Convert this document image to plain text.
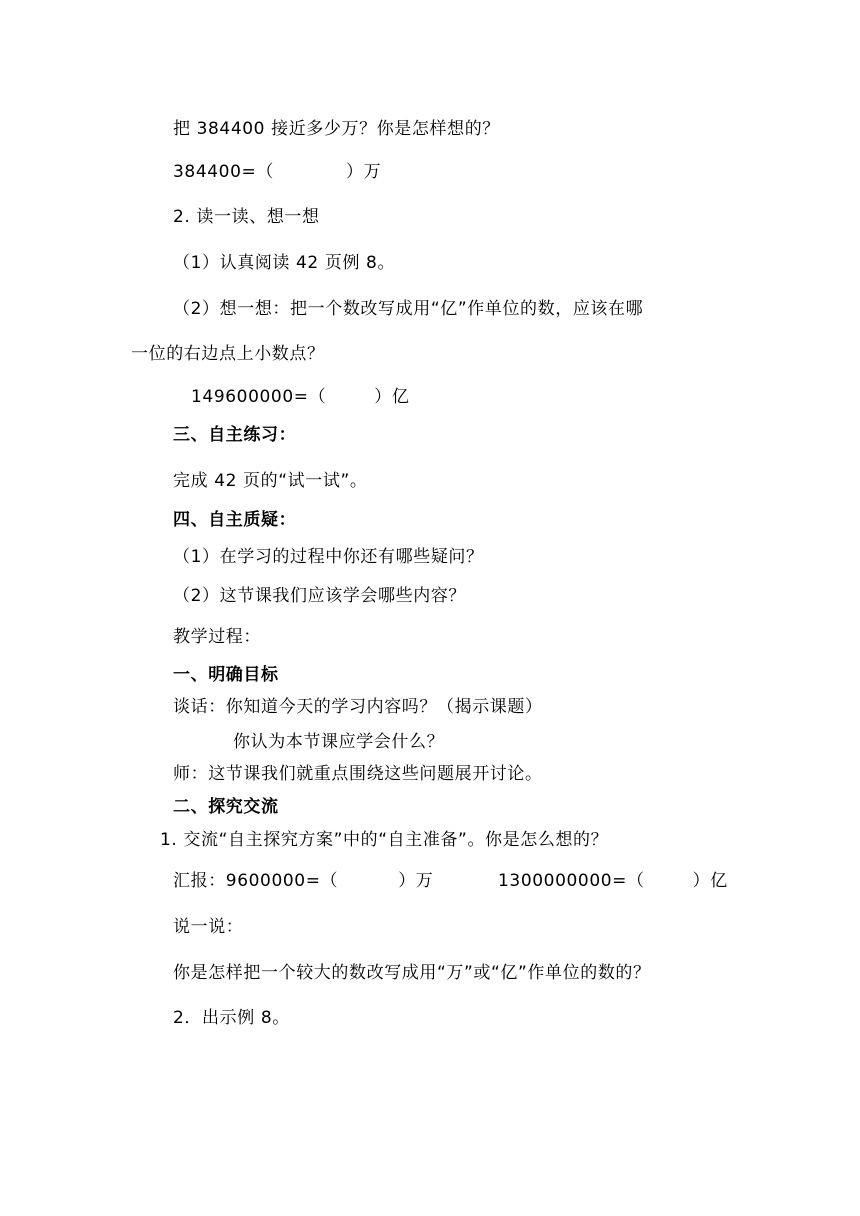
把 384400 接近多少万？你是怎样想的？
384400=（            ）万
2. 读一读、想一想
（1）认真阅读 42 页例 8。
（2）想一想：把一个数改写成用“亿”作单位的数，应该在哪
一位的右边点上小数点？
149600000=（        ）亿
三、自主练习：
完成 42 页的“试一试”。
四、自主质疑：
（1）在学习的过程中你还有哪些疑问？
（2）这节课我们应该学会哪些内容？
教学过程：
一、明确目标
谈话：你知道今天的学习内容吗？（揭示课题）
你认为本节课应学会什么？
师：这节课我们就重点围绕这些问题展开讨论。
二、探究交流
1. 交流“自主探究方案”中的“自主准备”。你是怎么想的？
汇报：9600000=（          ）万	1300000000=（        ）亿
说一说：
你是怎样把一个较大的数改写成用“万”或“亿”作单位的数的？
2．出示例 8。
